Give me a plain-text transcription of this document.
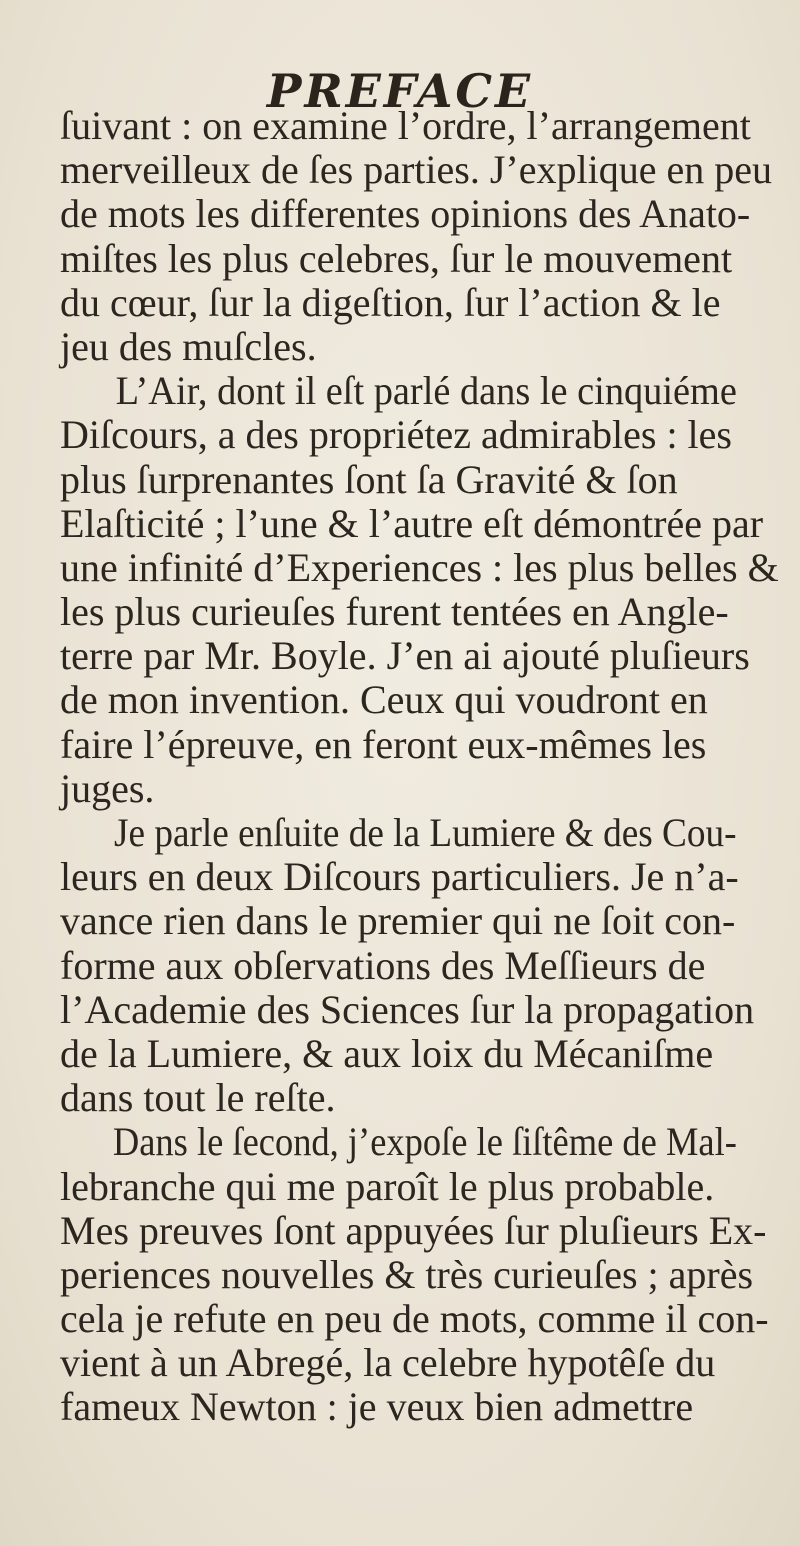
PREFACE
ſuivant : on examine l’ordre, l’arrangement
merveilleux de ſes parties. J’explique en peu
de mots les differentes opinions des Anato-
miſtes les plus celebres, ſur le mouvement
du cœur, ſur la digeſtion, ſur l’action & le
jeu des muſcles.
L’Air, dont il eſt parlé dans le cinquiéme
Diſcours, a des propriétez admirables : les
plus ſurprenantes ſont ſa Gravité & ſon
Elaſticité ; l’une & l’autre eſt démontrée par
une infinité d’Experiences : les plus belles &
les plus curieuſes furent tentées en Angle-
terre par Mr. Boyle. J’en ai ajouté pluſieurs
de mon invention. Ceux qui voudront en
faire l’épreuve, en feront eux-mêmes les
juges.
Je parle enſuite de la Lumiere & des Cou-
leurs en deux Diſcours particuliers. Je n’a-
vance rien dans le premier qui ne ſoit con-
forme aux obſervations des Meſſieurs de
l’Academie des Sciences ſur la propagation
de la Lumiere, & aux loix du Mécaniſme
dans tout le reſte.
Dans le ſecond, j’expoſe le ſiſtême de Mal-
lebranche qui me paroît le plus probable.
Mes preuves ſont appuyées ſur pluſieurs Ex-
periences nouvelles & très curieuſes ; après
cela je refute en peu de mots, comme il con-
vient à un Abregé, la celebre hypotêſe du
fameux Newton : je veux bien admettre
